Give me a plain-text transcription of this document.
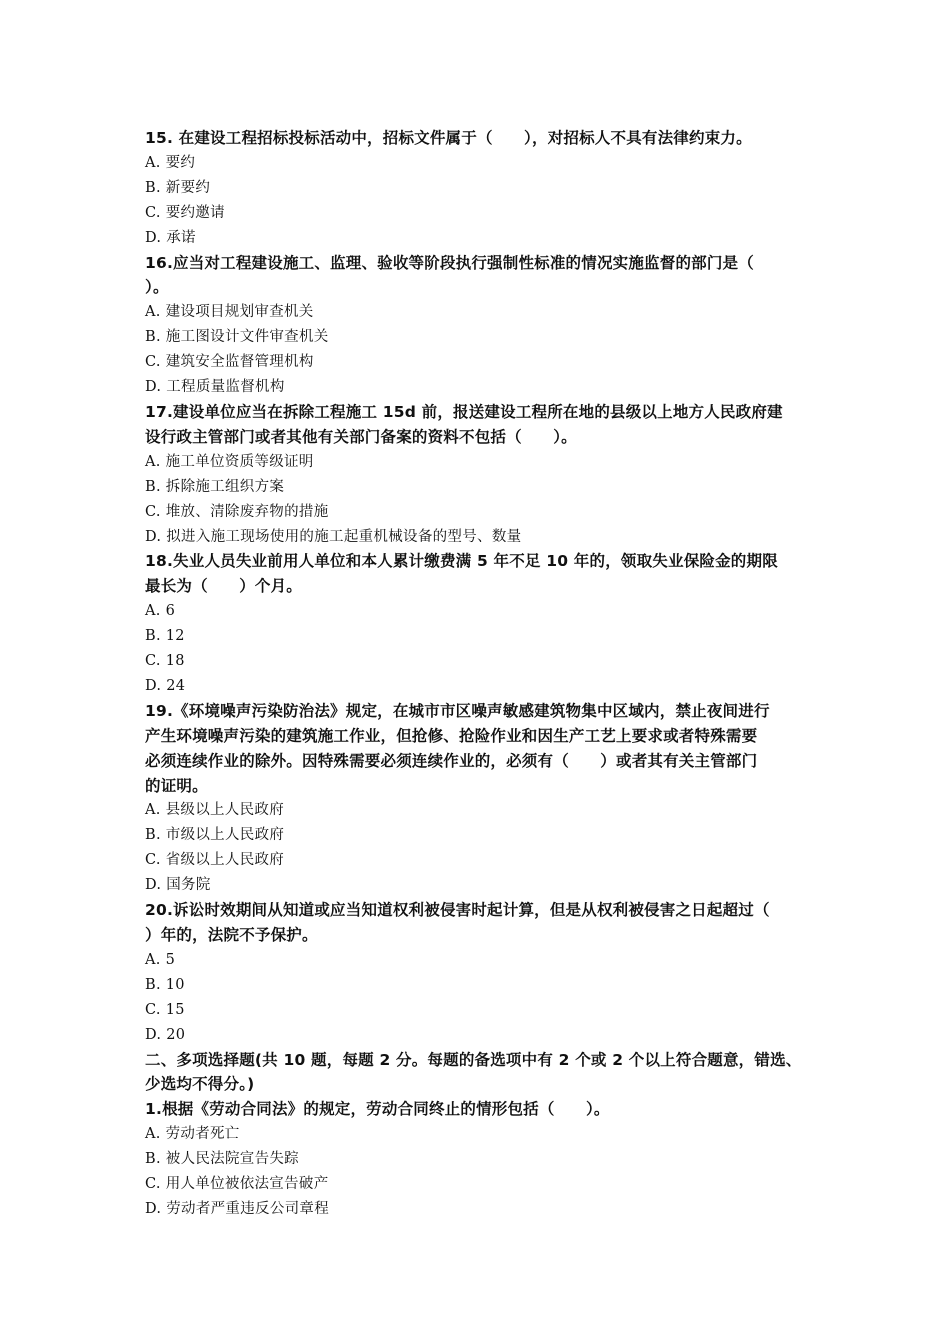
15. 在建设工程招标投标活动中，招标文件属于（　　），对招标人不具有法律约束力。

A. 要约

B. 新要约

C. 要约邀请

D. 承诺

16.应当对工程建设施工、监理、验收等阶段执行强制性标准的情况实施监督的部门是（
）。

A. 建设项目规划审查机关

B. 施工图设计文件审查机关

C. 建筑安全监督管理机构

D. 工程质量监督机构

17.建设单位应当在拆除工程施工 15d 前，报送建设工程所在地的县级以上地方人民政府建
设行政主管部门或者其他有关部门备案的资料不包括（　　）。

A. 施工单位资质等级证明

B. 拆除施工组织方案

C. 堆放、清除废弃物的措施

D. 拟进入施工现场使用的施工起重机械设备的型号、数量

18.失业人员失业前用人单位和本人累计缴费满 5 年不足 10 年的，领取失业保险金的期限
最长为（　　）个月。

A. 6

B. 12

C. 18

D. 24

19.《环境噪声污染防治法》规定，在城市市区噪声敏感建筑物集中区域内，禁止夜间进行
产生环境噪声污染的建筑施工作业，但抢修、抢险作业和因生产工艺上要求或者特殊需要
必须连续作业的除外。因特殊需要必须连续作业的，必须有（　　）或者其有关主管部门
的证明。

A. 县级以上人民政府

B. 市级以上人民政府

C. 省级以上人民政府

D. 国务院

20.诉讼时效期间从知道或应当知道权利被侵害时起计算，但是从权利被侵害之日起超过（
）年的，法院不予保护。

A. 5

B. 10

C. 15

D. 20

二、多项选择题(共 10 题，每题 2 分。每题的备选项中有 2 个或 2 个以上符合题意，错选、
少选均不得分。)

1.根据《劳动合同法》的规定，劳动合同终止的情形包括（　　）。

A. 劳动者死亡

B. 被人民法院宣告失踪

C. 用人单位被依法宣告破产

D. 劳动者严重违反公司章程
